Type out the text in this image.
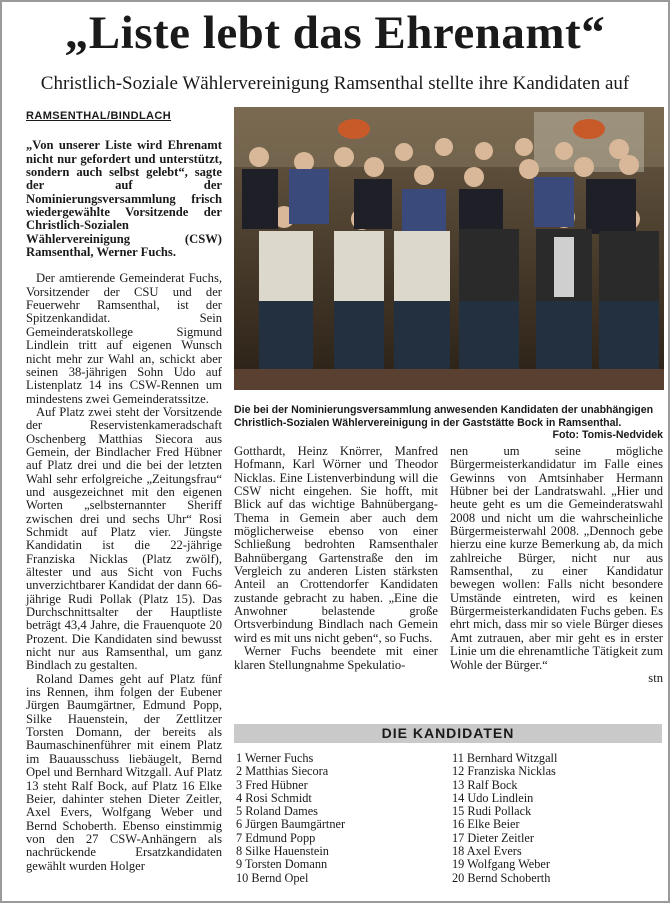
„Liste lebt das Ehrenamt“
Christlich-Soziale Wählervereinigung Ramsenthal stellte ihre Kandidaten auf
RAMSENTHAL/BINDLACH

„Von unserer Liste wird Ehrenamt nicht nur gefordert und unterstützt, sondern auch selbst gelebt“, sagte der auf der Nominierungsversammlung frisch wiedergewählte Vorsitzende der Christlich-Sozialen Wählervereinigung (CSW) Ramsenthal, Werner Fuchs.

Der amtierende Gemeinderat Fuchs, Vorsitzender der CSU und der Feuerwehr Ramsenthal, ist der Spitzenkandidat. Sein Gemeinderatskollege Sigmund Lindlein tritt auf eigenen Wunsch nicht mehr zur Wahl an, schickt aber seinen 38-jährigen Sohn Udo auf Listenplatz 14 ins CSW-Rennen um mindestens zwei Gemeinderatssitze.

Auf Platz zwei steht der Vorsitzende der Reservistenkameradschaft Oschenberg Matthias Siecora aus Gemein, der Bindlacher Fred Hübner auf Platz drei und die bei der letzten Wahl sehr erfolgreiche „Zeitungsfrau“ und ausgezeichnet mit den eigenen Worten „selbsternannter Sheriff zwischen drei und sechs Uhr“ Rosi Schmidt auf Platz vier. Jüngste Kandidatin ist die 22-jährige Franziska Nicklas (Platz zwölf), ältester und aus Sicht von Fuchs unverzichtbarer Kandidat der dann 66-jährige Rudi Pollak (Platz 15). Das Durchschnittsalter der Hauptliste beträgt 43,4 Jahre, die Frauenquote 20 Prozent. Die Kandidaten sind bewusst nicht nur aus Ramsenthal, um ganz Bindlach zu gestalten.

Roland Dames geht auf Platz fünf ins Rennen, ihm folgen der Eubener Jürgen Baumgärtner, Edmund Popp, Silke Hauenstein, der Zettlitzer Torsten Domann, der bereits als Baumaschinenführer mit einem Platz im Bauausschuss liebäugelt, Bernd Opel und Bernhard Witzgall. Auf Platz 13 steht Ralf Bock, auf Platz 16 Elke Beier, dahinter stehen Dieter Zeitler, Axel Evers, Wolfgang Weber und Bernd Schoberth. Ebenso einstimmig von den 27 CSW-Anhängern als nachrückende Ersatzkandidaten gewählt wurden Holger

Die bei der Nominierungsversammlung anwesenden Kandidaten der unabhängigen Christlich-Sozialen Wählervereinigung in der Gaststätte Bock in Ramsenthal.
Foto: Tomis-Nedvidek

Gotthardt, Heinz Knörrer, Manfred Hofmann, Karl Wörner und Theodor Nicklas. Eine Listenverbindung will die CSW nicht eingehen. Sie hofft, mit Blick auf das wichtige Bahnübergang-Thema in Gemein aber auch dem möglicherweise ebenso von einer Schließung bedrohten Ramsenthaler Bahnübergang Gartenstraße den im Vergleich zu anderen Listen stärksten Anteil an Crottendorfer Kandidaten zustande gebracht zu haben. „Eine die Anwohner belastende große Ortsverbindung Bindlach nach Gemein wird es mit uns nicht geben“, so Fuchs.

Werner Fuchs beendete mit einer klaren Stellungnahme Spekulatio-

nen um seine mögliche Bürgermeisterkandidatur im Falle eines Gewinns von Amtsinhaber Hermann Hübner bei der Landratswahl. „Hier und heute geht es um die Gemeinderatswahl 2008 und nicht um die wahrscheinliche Bürgermeisterwahl 2008. „Dennoch gebe hierzu eine kurze Bemerkung ab, da mich zahlreiche Bürger, nicht nur aus Ramsenthal, zu einer Kandidatur bewegen wollen: Falls nicht besondere Umstände eintreten, wird es keinen Bürgermeisterkandidaten Fuchs geben. Es ehrt mich, dass mir so viele Bürger dieses Amt zutrauen, aber mir geht es in erster Linie um die ehrenamtliche Tätigkeit zum Wohle der Bürger.“

stn
DIE KANDIDATEN
1 Werner Fuchs
2 Matthias Siecora
3 Fred Hübner
4 Rosi Schmidt
5 Roland Dames
6 Jürgen Baumgärtner
7 Edmund Popp
8 Silke Hauenstein
9 Torsten Domann
10 Bernd Opel
11 Bernhard Witzgall
12 Franziska Nicklas
13 Ralf Bock
14 Udo Lindlein
15 Rudi Pollack
16 Elke Beier
17 Dieter Zeitler
18 Axel Evers
19 Wolfgang Weber
20 Bernd Schoberth
